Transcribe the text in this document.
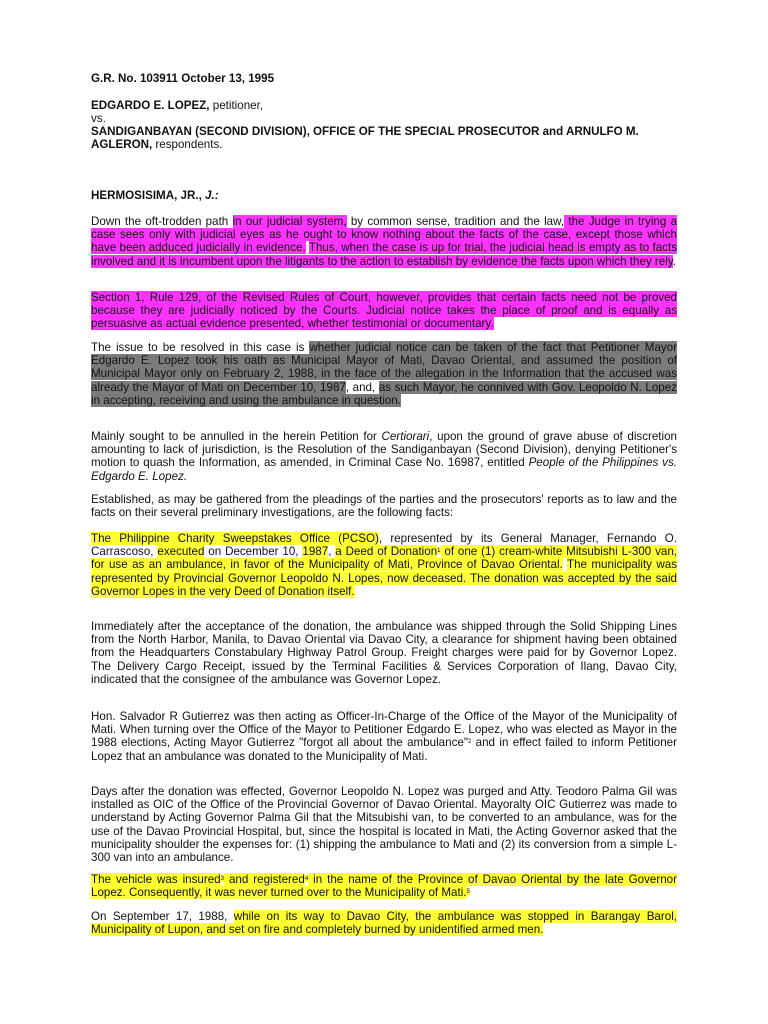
G.R. No. 103911 October 13, 1995

EDGARDO E. LOPEZ, petitioner,

vs.

SANDIGANBAYAN (SECOND DIVISION), OFFICE OF THE SPECIAL PROSECUTOR and ARNULFO M. AGLERON, respondents.

HERMOSISIMA, JR., J.:

Down the oft-trodden path in our judicial system, by common sense, tradition and the law, the Judge in trying a case sees only with judicial eyes as he ought to know nothing about the facts of the case, except those which have been adduced judicially in evidence. Thus, when the case is up for trial, the judicial head is empty as to facts involved and it is incumbent upon the litigants to the action to establish by evidence the facts upon which they rely.

Section 1, Rule 129, of the Revised Rules of Court, however, provides that certain facts need not be proved because they are judicially noticed by the Courts. Judicial notice takes the place of proof and is equally as persuasive as actual evidence presented, whether testimonial or documentary.

The issue to be resolved in this case is whether judicial notice can be taken of the fact that Petitioner Mayor Edgardo E. Lopez took his oath as Municipal Mayor of Mati, Davao Oriental, and assumed the position of Municipal Mayor only on February 2, 1988, in the face of the allegation in the Information that the accused was already the Mayor of Mati on December 10, 1987, and, as such Mayor, he connived with Gov. Leopoldo N. Lopez in accepting, receiving and using the ambulance in question.

Mainly sought to be annulled in the herein Petition for Certiorari, upon the ground of grave abuse of discretion amounting to lack of jurisdiction, is the Resolution of the Sandiganbayan (Second Division), denying Petitioner's motion to quash the Information, as amended, in Criminal Case No. 16987, entitled People of the Philippines vs. Edgardo E. Lopez.

Established, as may be gathered from the pleadings of the parties and the prosecutors' reports as to law and the facts on their several preliminary investigations, are the following facts:

The Philippine Charity Sweepstakes Office (PCSO), represented by its General Manager, Fernando O. Carrascoso, executed on December 10, 1987, a Deed of Donation$^1$ of one (1) cream-white Mitsubishi L-300 van, for use as an ambulance, in favor of the Municipality of Mati, Province of Davao Oriental. The municipality was represented by Provincial Governor Leopoldo N. Lopes, now deceased. The donation was accepted by the said Governor Lopes in the very Deed of Donation itself.

Immediately after the acceptance of the donation, the ambulance was shipped through the Solid Shipping Lines from the North Harbor, Manila, to Davao Oriental via Davao City, a clearance for shipment having been obtained from the Headquarters Constabulary Highway Patrol Group. Freight charges were paid for by Governor Lopez. The Delivery Cargo Receipt, issued by the Terminal Facilities & Services Corporation of Ilang, Davao City, indicated that the consignee of the ambulance was Governor Lopez.

Hon. Salvador R Gutierrez was then acting as Officer-In-Charge of the Office of the Mayor of the Municipality of Mati. When turning over the Office of the Mayor to Petitioner Edgardo E. Lopez, who was elected as Mayor in the 1988 elections, Acting Mayor Gutierrez "forgot all about the ambulance"$^2$ and in effect failed to inform Petitioner Lopez that an ambulance was donated to the Municipality of Mati.

Days after the donation was effected, Governor Leopoldo N. Lopez was purged and Atty. Teodoro Palma Gil was installed as OIC of the Office of the Provincial Governor of Davao Oriental. Mayoralty OIC Gutierrez was made to understand by Acting Governor Palma Gil that the Mitsubishi van, to be converted to an ambulance, was for the use of the Davao Provincial Hospital, but, since the hospital is located in Mati, the Acting Governor asked that the municipality shoulder the expenses for: (1) shipping the ambulance to Mati and (2) its conversion from a simple L-300 van into an ambulance.

The vehicle was insured$^3$ and registered$^4$ in the name of the Province of Davao Oriental by the late Governor Lopez. Consequently, it was never turned over to the Municipality of Mati.$^5$

On September 17, 1988, while on its way to Davao City, the ambulance was stopped in Barangay Barol, Municipality of Lupon, and set on fire and completely burned by unidentified armed men.
